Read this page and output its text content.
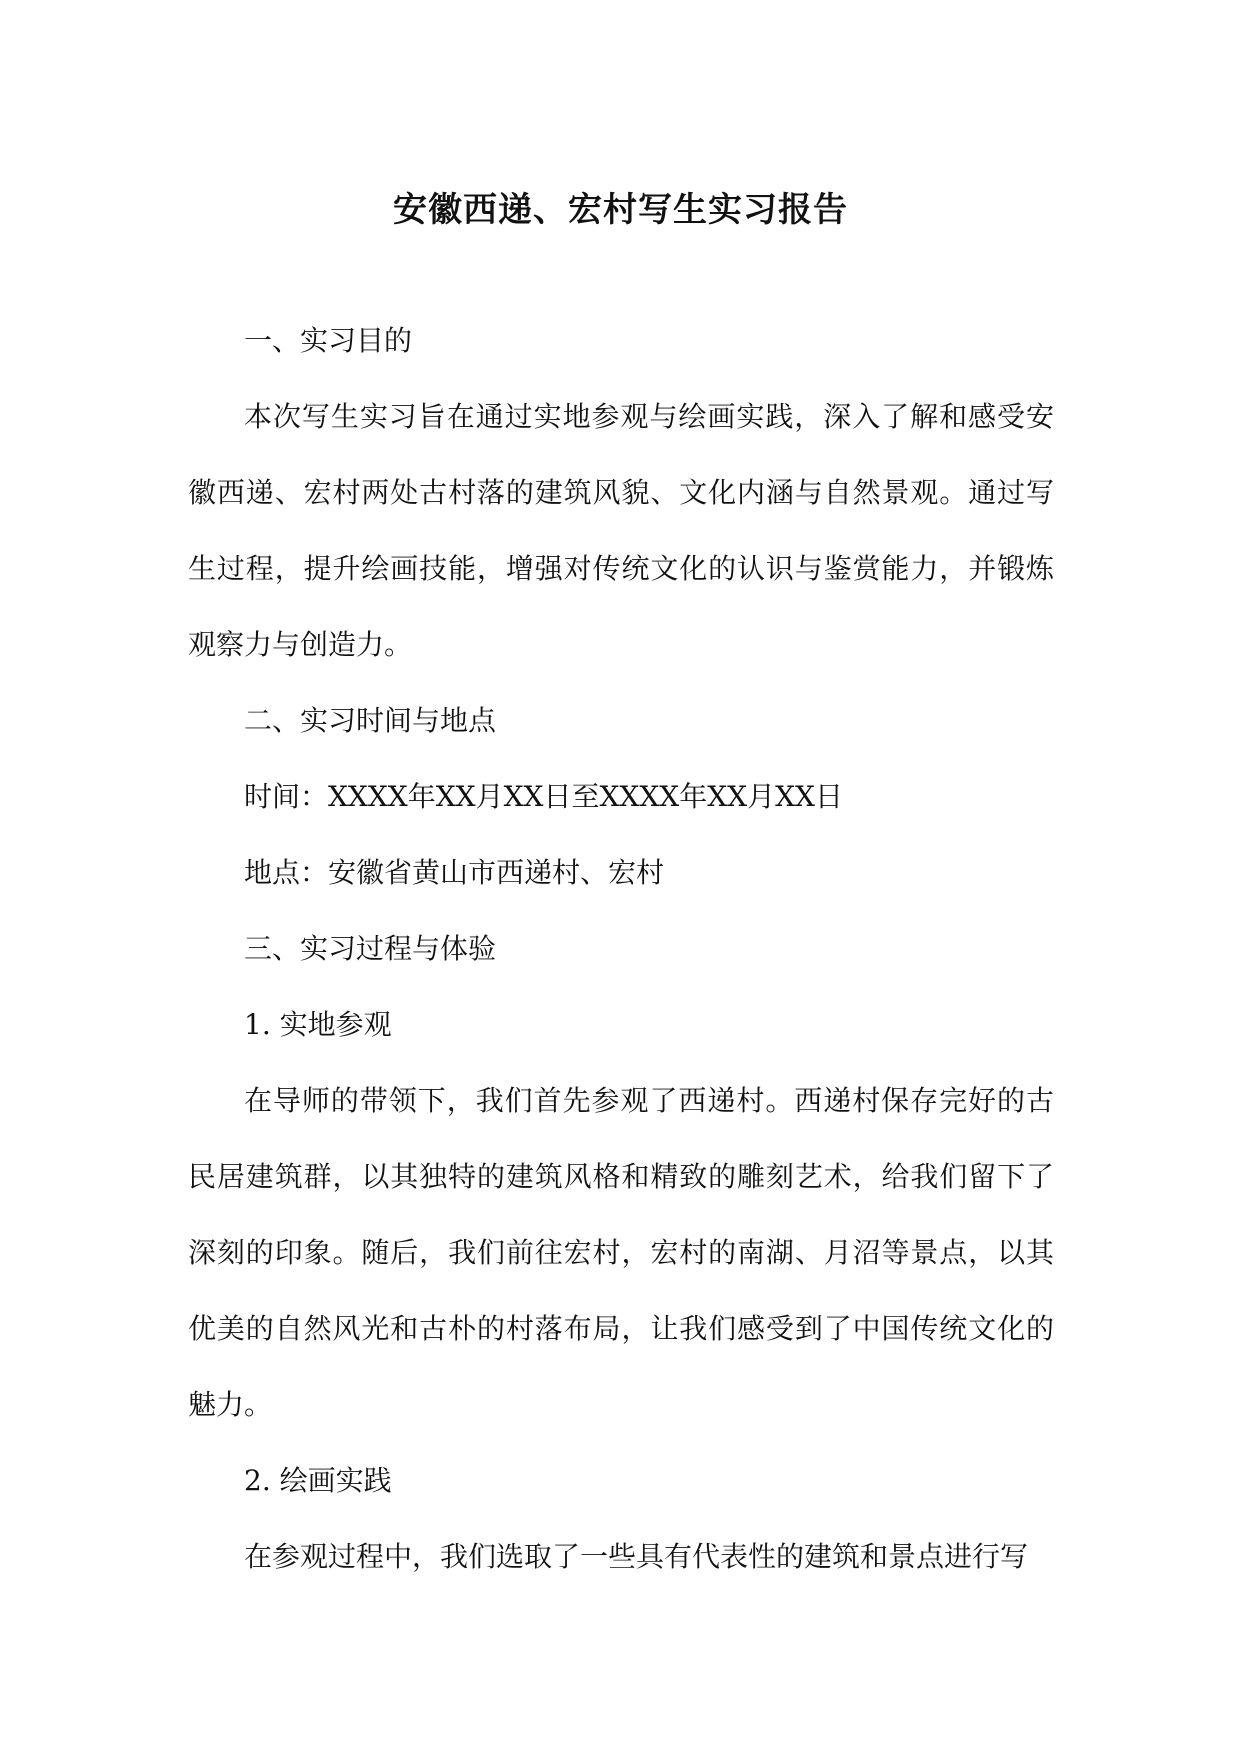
安徽西递、宏村写生实习报告

一、实习目的

本次写生实习旨在通过实地参观与绘画实践，深入了解和感受安徽西递、宏村两处古村落的建筑风貌、文化内涵与自然景观。通过写生过程，提升绘画技能，增强对传统文化的认识与鉴赏能力，并锻炼观察力与创造力。

二、实习时间与地点

时间：XXXX年XX月XX日至XXXX年XX月XX日

地点：安徽省黄山市西递村、宏村

三、实习过程与体验

1. 实地参观

在导师的带领下，我们首先参观了西递村。西递村保存完好的古民居建筑群，以其独特的建筑风格和精致的雕刻艺术，给我们留下了深刻的印象。随后，我们前往宏村，宏村的南湖、月沼等景点，以其优美的自然风光和古朴的村落布局，让我们感受到了中国传统文化的魅力。

2. 绘画实践

在参观过程中，我们选取了一些具有代表性的建筑和景点进行写
